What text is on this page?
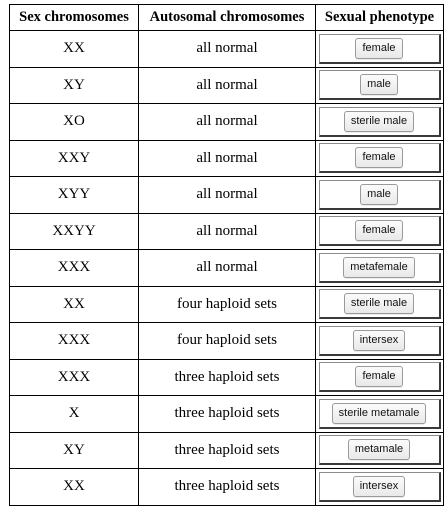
Sex chromosomes	Autosomal chromosomes	Sexual phenotype
XX	all normal	female

XY	all normal	male

XO	all normal	sterile male

XXY	all normal	female

XYY	all normal	male

XXYY	all normal	female

XXX	all normal	metafemale

XX	four haploid sets	sterile male

XXX	four haploid sets	intersex

XXX	three haploid sets	female

X	three haploid sets	sterile metamale

XY	three haploid sets	metamale

XX	three haploid sets	intersex
